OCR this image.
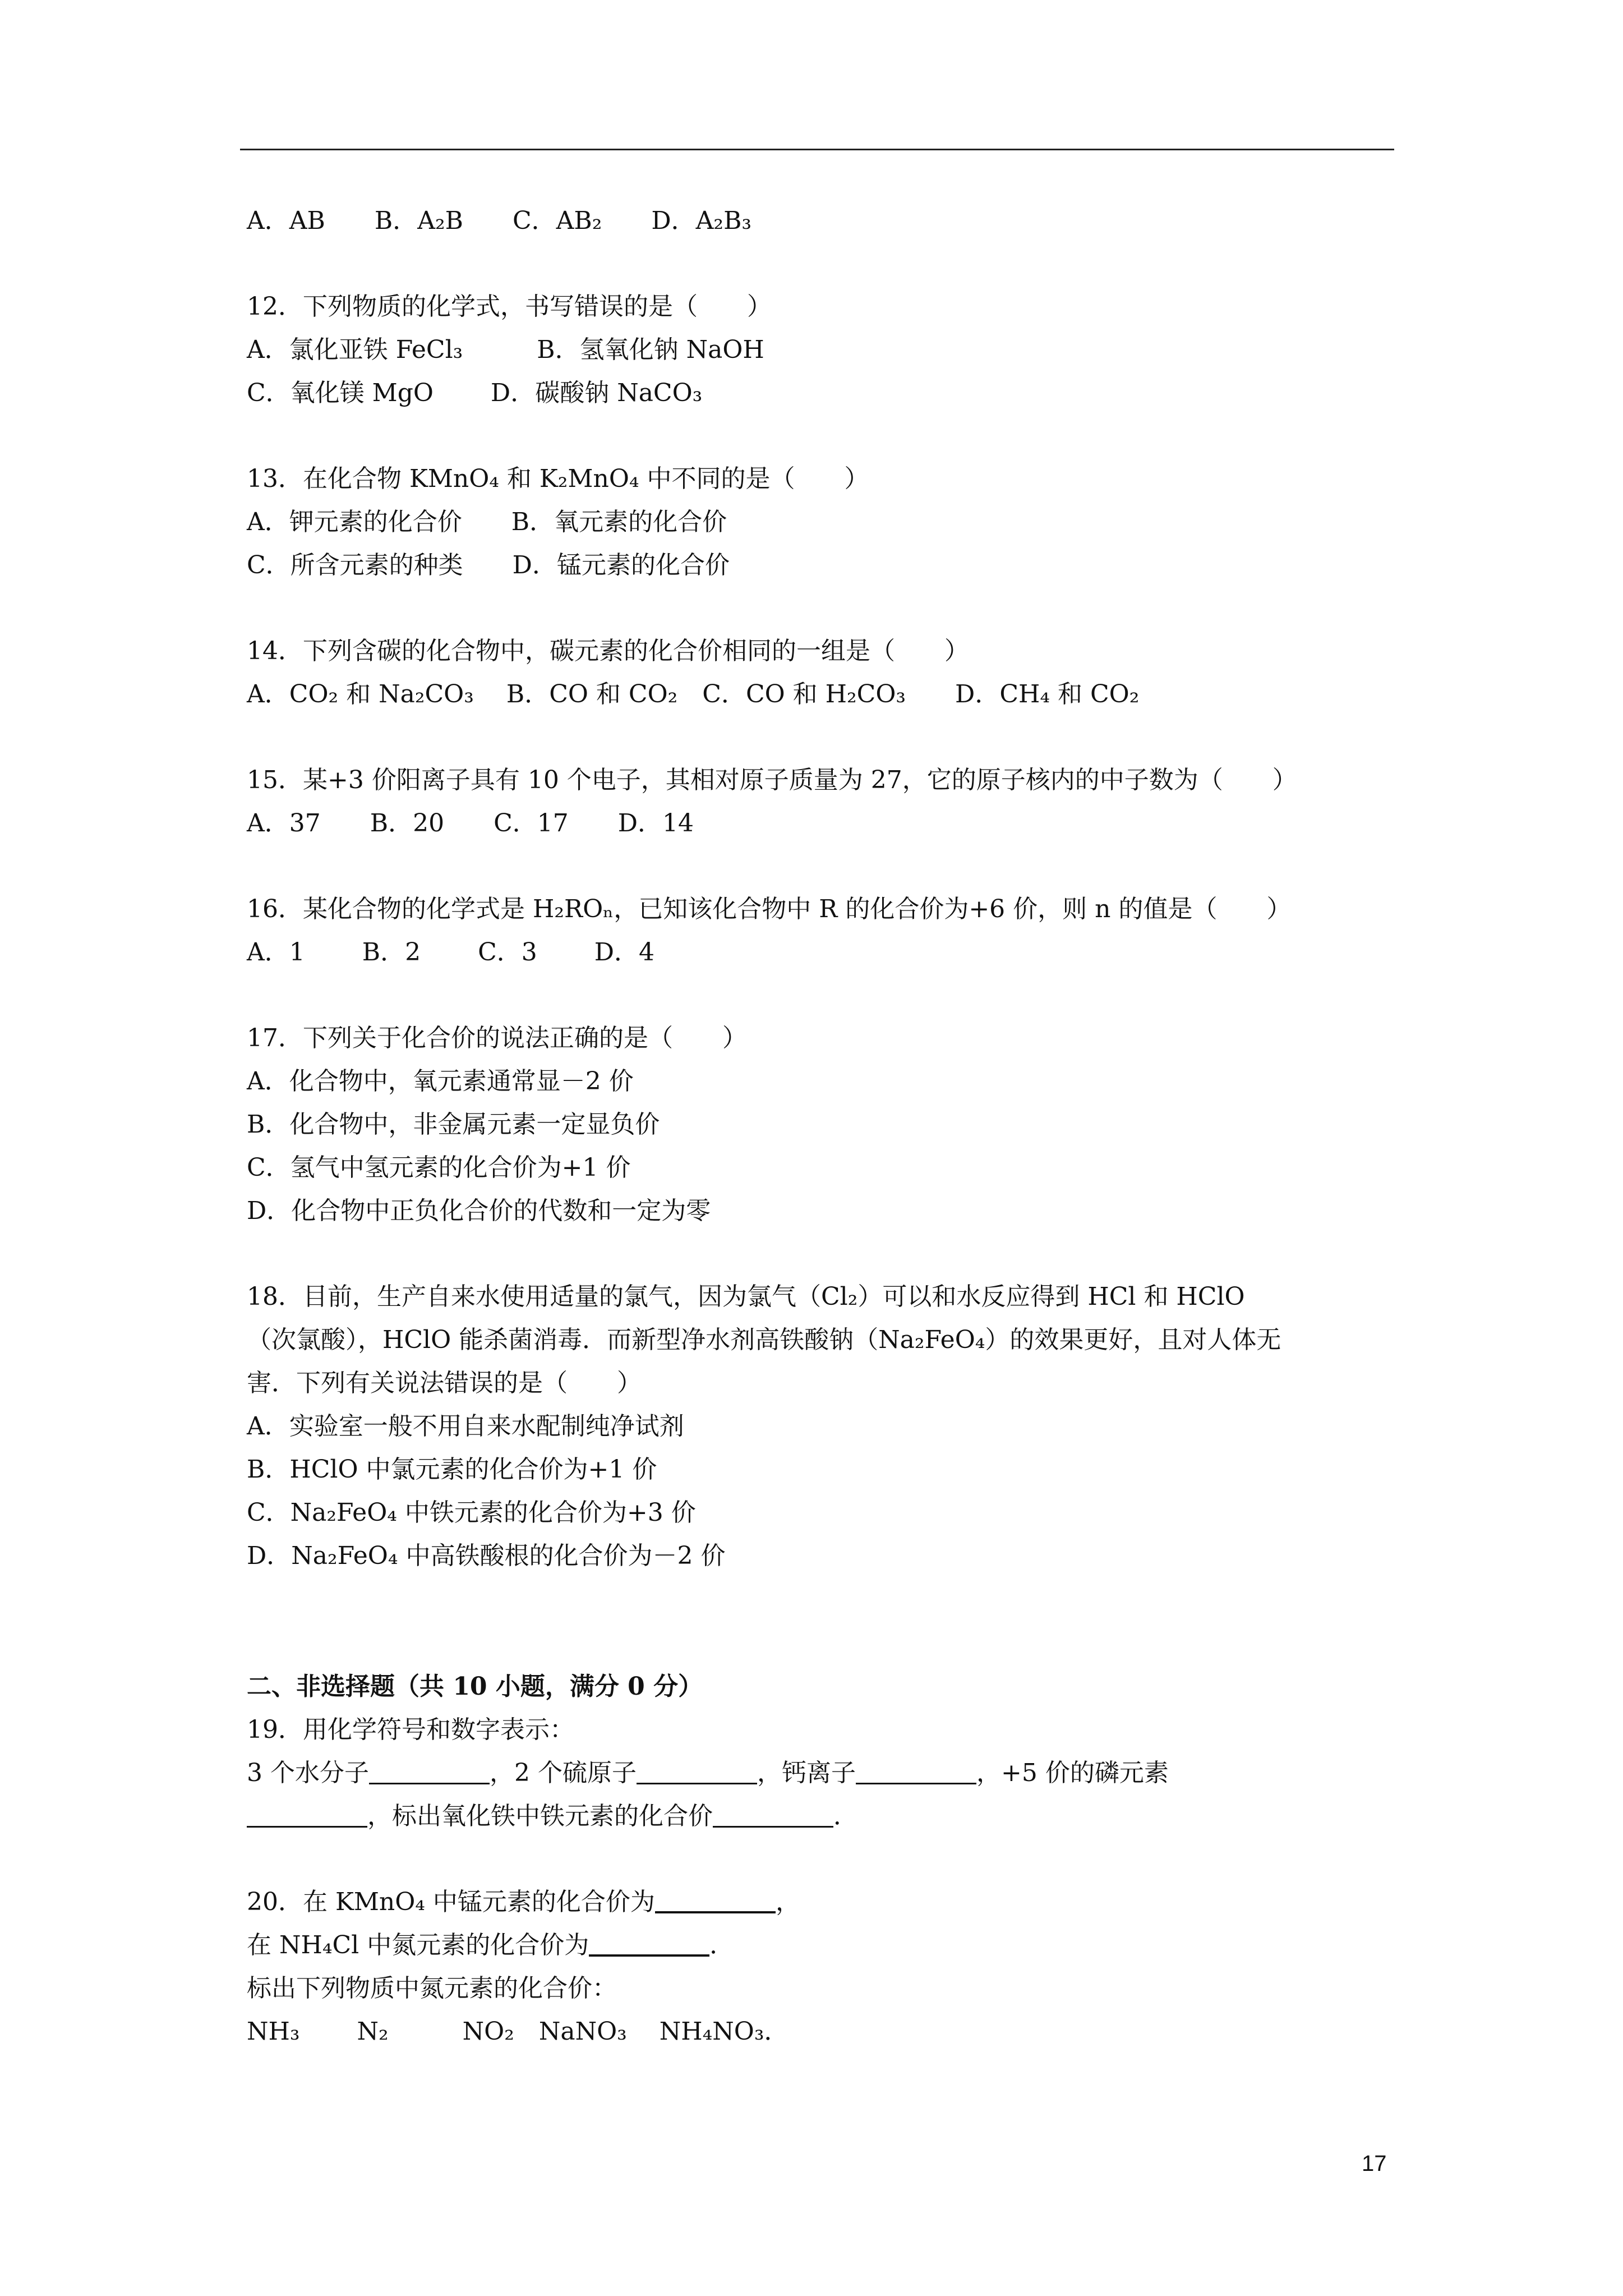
A．AB　　B．A₂B　　C．AB₂　　D．A₂B₃
12．下列物质的化学式，书写错误的是（　　）
A．氯化亚铁 FeCl₃　　　B．氢氧化钠 NaOH
C．氧化镁 MgO　　 D．碳酸钠 NaCO₃
13．在化合物 KMnO₄ 和 K₂MnO₄ 中不同的是（　　）
A．钾元素的化合价　　B．氧元素的化合价
C．所含元素的种类　　D．锰元素的化合价
14．下列含碳的化合物中，碳元素的化合价相同的一组是（　　）
A．CO₂ 和 Na₂CO₃　 B．CO 和 CO₂　C．CO 和 H₂CO₃　　D．CH₄ 和 CO₂
15．某+3 价阳离子具有 10 个电子，其相对原子质量为 27，它的原子核内的中子数为（　　）
A．37　　B．20　　C．17　　D．14
16．某化合物的化学式是 H₂ROₙ，已知该化合物中 R 的化合价为+6 价，则 n 的值是（　　）
A．1　　 B．2　　 C．3　　 D．4
17．下列关于化合价的说法正确的是（　　）
A．化合物中，氧元素通常显－2 价
B．化合物中，非金属元素一定显负价
C．氢气中氢元素的化合价为+1 价
D．化合物中正负化合价的代数和一定为零
18．目前，生产自来水使用适量的氯气，因为氯气（Cl₂）可以和水反应得到 HCl 和 HClO
（次氯酸），HClO 能杀菌消毒．而新型净水剂高铁酸钠（Na₂FeO₄）的效果更好，且对人体无
害．下列有关说法错误的是（　　）
A．实验室一般不用自来水配制纯净试剂
B．HClO 中氯元素的化合价为+1 价
C．Na₂FeO₄ 中铁元素的化合价为+3 价
D．Na₂FeO₄ 中高铁酸根的化合价为－2 价
二、非选择题（共 10 小题，满分 0 分）
19．用化学符号和数字表示：
3 个水分子	，2 个硫原子	，钙离子	，+5 价的磷元素
，标出氧化铁中铁元素的化合价	．
20．在 KMnO₄ 中锰元素的化合价为	，
在 NH₄Cl 中氮元素的化合价为	．
标出下列物质中氮元素的化合价：
NH₃　　 N₂　　　NO₂　NaNO₃　 NH₄NO₃．
17
